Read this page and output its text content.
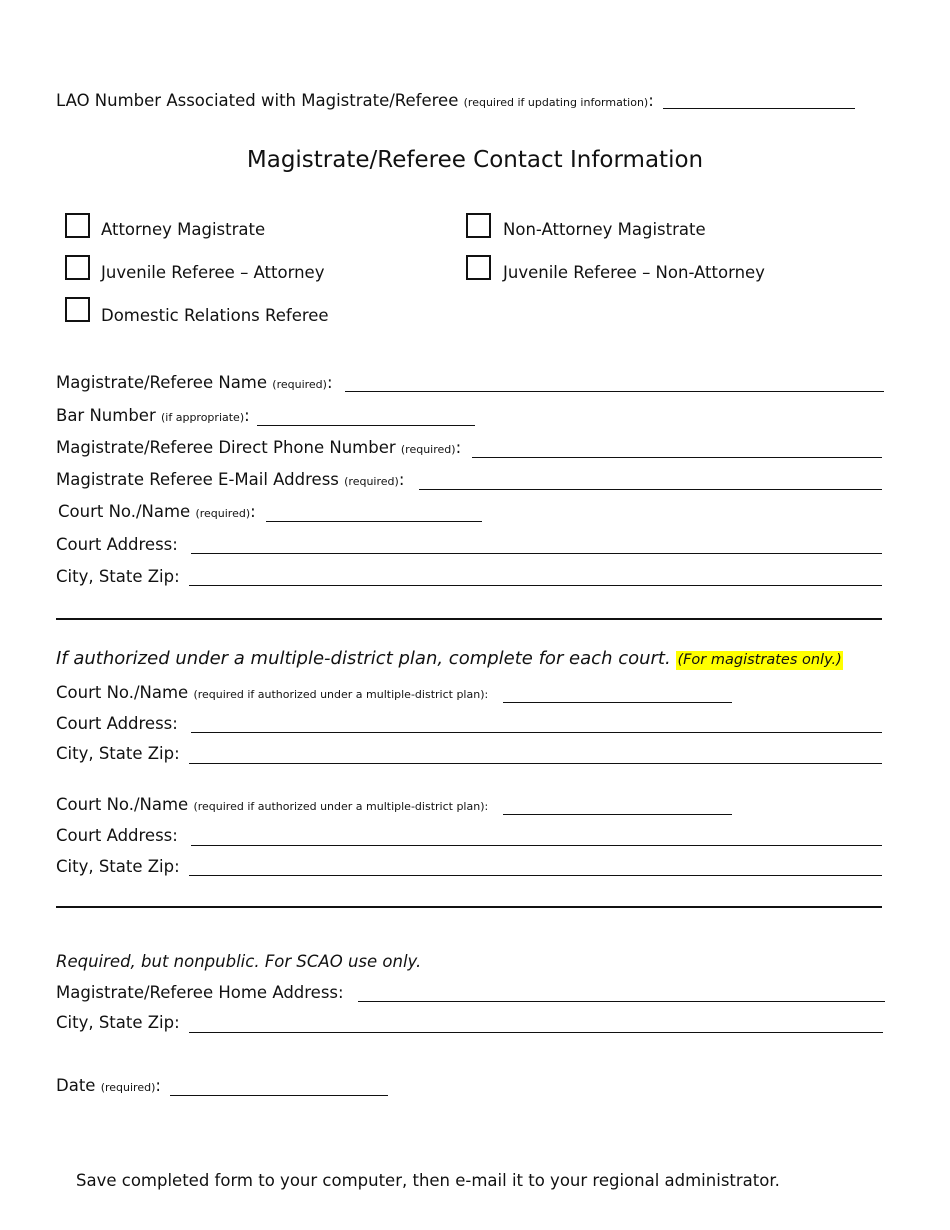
LAO Number Associated with Magistrate/Referee (required if updating information):
Magistrate/Referee Contact Information
Attorney Magistrate	Non-Attorney Magistrate
Juvenile Referee – Attorney	Juvenile Referee – Non-Attorney
Domestic Relations Referee
Magistrate/Referee Name (required):
Bar Number (if appropriate):
Magistrate/Referee Direct Phone Number (required):
Magistrate Referee E-Mail Address (required):
Court No./Name (required):
Court Address:
City, State Zip:
If authorized under a multiple-district plan, complete for each court. (For magistrates only.)
Court No./Name (required if authorized under a multiple-district plan):
Court Address:
City, State Zip:
Court No./Name (required if authorized under a multiple-district plan):
Court Address:
City, State Zip:
Required, but nonpublic. For SCAO use only.
Magistrate/Referee Home Address:
City, State Zip:
Date (required):
Save completed form to your computer, then e-mail it to your regional administrator.
